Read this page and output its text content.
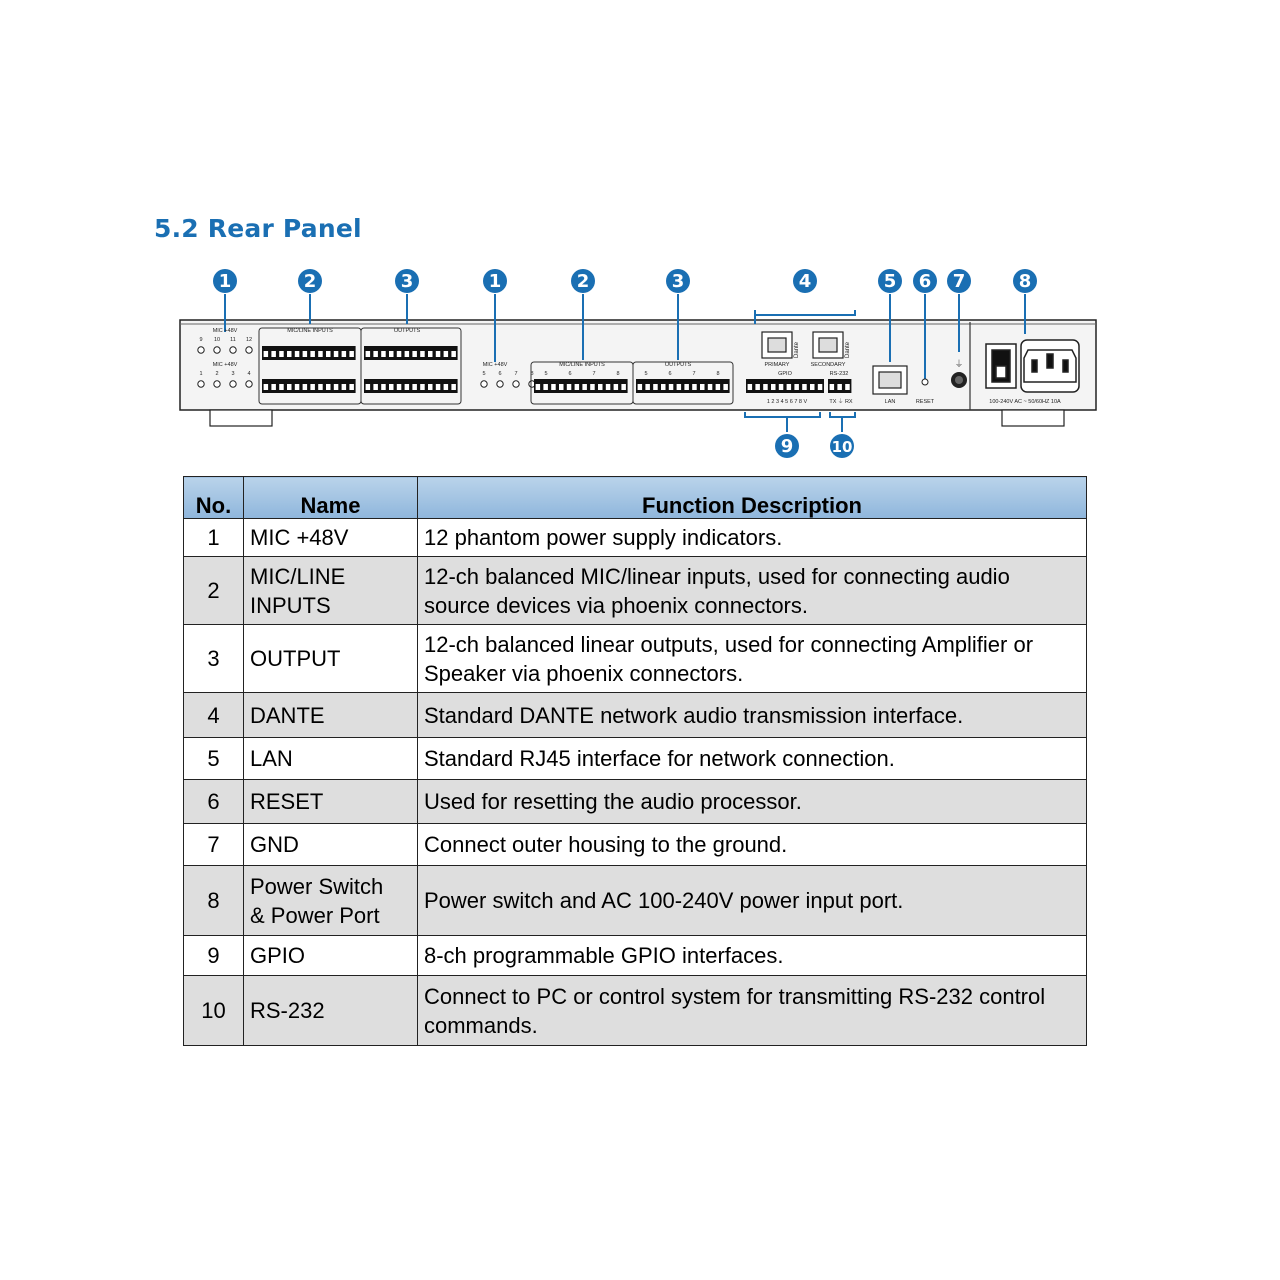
5.2 Rear Panel
1	2	3	1	2	3	4	5 6 7	8
9	10
MIC +48V
MIC +48V
MIC/LINE INPUTS	OUTPUTS
MIC +48V	MIC/LINE INPUTS	OUTPUTS	PRIMARY	SECONDARY
GPIO	RS-232
1 2 3 4 5 6 7 8 V	TX ⏚ RX	LAN	RESET	100-240V AC ~ 50/60HZ 10A
⏚
9
1	5	5	5
10
2	6	6	6
11
3	7	7	7
12
4	8	8	8
Dante	Dante
No.	Name	Function Description
1	MIC +48V	12 phantom power supply indicators.
2	MIC/LINE
INPUTS	12-ch balanced MIC/linear inputs, used for connecting audio source devices via phoenix connectors.
3	OUTPUT	12-ch balanced linear outputs, used for connecting Amplifier or Speaker via phoenix connectors.
4	DANTE	Standard DANTE network audio transmission interface.
5	LAN	Standard RJ45 interface for network connection.
6	RESET	Used for resetting the audio processor.
7	GND	Connect outer housing to the ground.
8	Power Switch
& Power Port	Power switch and AC 100-240V power input port.
9	GPIO	8-ch programmable GPIO interfaces.
10	RS-232	Connect to PC or control system for transmitting RS-232 control commands.
